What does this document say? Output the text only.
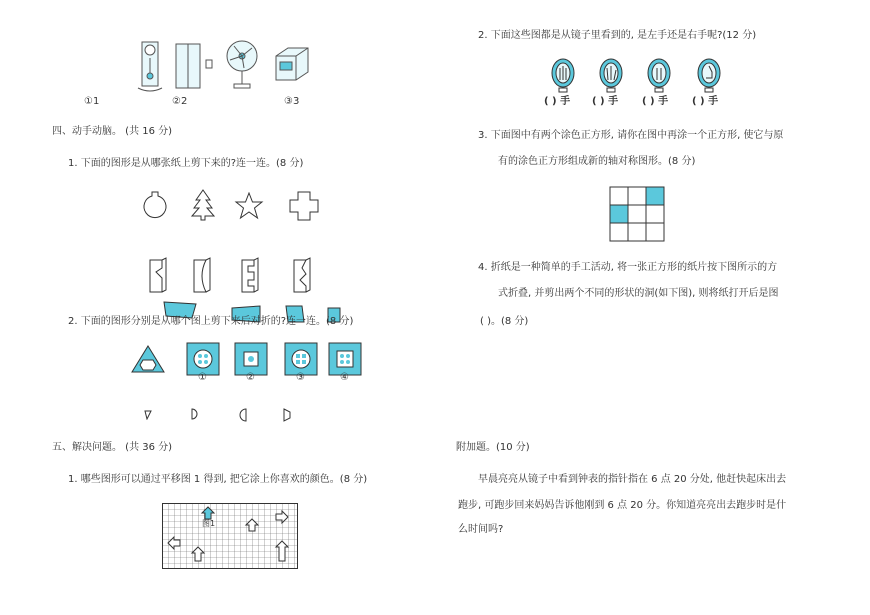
①1	②2	③3
四、动手动脑。 (共 16 分)
1. 下面的图形是从哪张纸上剪下来的?连一连。(8 分)
2. 下面的图形分别是从哪个图上剪下来后对折的?连一连。(8 分)
①	②	③	④
五、解决问题。 (共 36 分)
1. 哪些图形可以通过平移图 1 得到, 把它涂上你喜欢的颜色。(8 分)
图1
2. 下面这些图都是从镜子里看到的, 是左手还是右手呢?(12 分)
( ) 手 ( ) 手 ( ) 手 ( ) 手
3. 下面图中有两个涂色正方形, 请你在图中再涂一个正方形, 使它与原
有的涂色正方形组成新的轴对称图形。(8 分)
4. 折纸是一种简单的手工活动, 将一张正方形的纸片按下图所示的方
式折叠, 并剪出两个不同的形状的洞(如下图), 则将纸打开后是图
( )。(8 分)
附加题。(10 分)
早晨亮亮从镜子中看到钟表的指针指在 6 点 20 分处, 他赶快起床出去
跑步, 可跑步回来妈妈告诉他刚到 6 点 20 分。你知道亮亮出去跑步时是什
么时间吗?
